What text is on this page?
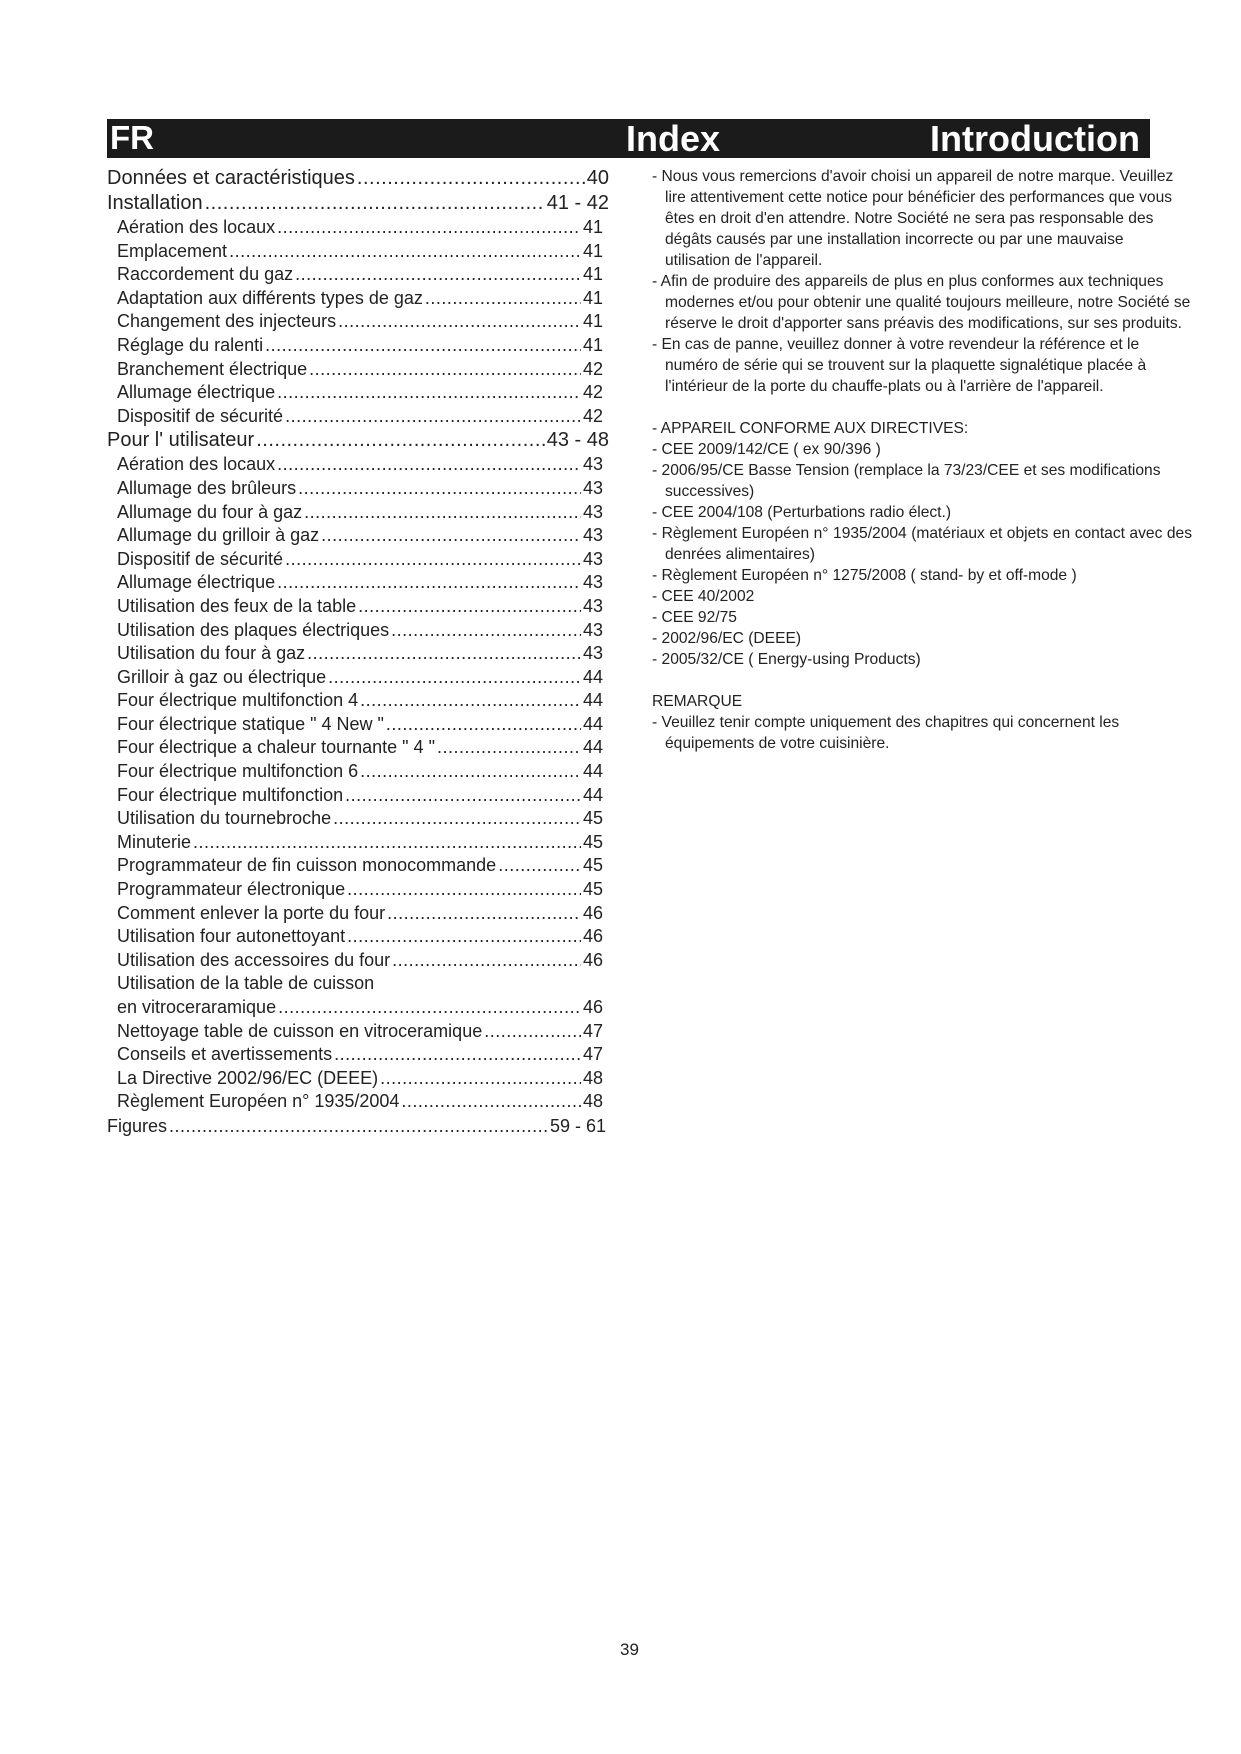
FR	Index	Introduction
Données et caractéristiques .....	40
Installation .....	41 - 42
Aération des locaux .....	41
Emplacement .....	41
Raccordement du gaz .....	41
Adaptation aux différents types de gaz .....	41
Changement des injecteurs .....	41
Réglage du ralenti .....	41
Branchement électrique .....	42
Allumage électrique .....	42
Dispositif de sécurité .....	42
Pour l' utilisateur .....	43 - 48
Aération des locaux .....	43
Allumage des brûleurs .....	43
Allumage du four à gaz .....	43
Allumage du grilloir à gaz .....	43
Dispositif de sécurité .....	43
Allumage électrique .....	43
Utilisation des feux de la table .....	43
Utilisation des plaques électriques .....	43
Utilisation du four à gaz .....	43
Grilloir à gaz ou électrique .....	44
Four électrique multifonction 4 .....	44
Four électrique statique " 4 New " .....	44
Four électrique a chaleur tournante " 4 " .....	44
Four électrique multifonction 6 .....	44
Four électrique multifonction .....	44
Utilisation du tournebroche .....	45
Minuterie .....	45
Programmateur de fin cuisson monocommande .....	45
Programmateur électronique .....	45
Comment enlever la porte du four .....	46
Utilisation four autonettoyant .....	46
Utilisation des accessoires du four .....	46
Utilisation de la table de cuisson
en vitroceraramique .....	46
Nettoyage table de cuisson en vitroceramique .....	47
Conseils et avertissements .....	47
La Directive 2002/96/EC (DEEE) .....	48
Règlement Européen n° 1935/2004 .....	48
Figures .....	59 - 61
- Nous vous remercions d'avoir choisi un appareil de notre marque. Veuillez lire attentivement cette notice pour bénéficier des performances que vous êtes en droit d'en attendre. Notre Société ne sera pas responsable des dégâts causés par une installation incorrecte ou par une mauvaise utilisation de l'appareil.
- Afin de produire des appareils de plus en plus conformes aux techniques modernes et/ou pour obtenir une qualité toujours meilleure, notre Société se réserve le droit d'apporter sans préavis des modifications, sur ses produits.
- En cas de panne, veuillez donner à votre revendeur la référence et le numéro de série qui se trouvent sur la plaquette signalétique placée à l'intérieur de la porte du chauffe-plats ou à l'arrière de l'appareil.
- APPAREIL CONFORME AUX DIRECTIVES:
- CEE 2009/142/CE ( ex 90/396 )
- 2006/95/CE Basse Tension (remplace la 73/23/CEE et ses modifications successives)
- CEE 2004/108 (Perturbations radio élect.)
- Règlement Européen n° 1935/2004 (matériaux et objets en contact avec des denrées alimentaires)
- Règlement Européen n° 1275/2008 ( stand- by et off-mode )
- CEE 40/2002
- CEE 92/75
- 2002/96/EC (DEEE)
- 2005/32/CE ( Energy-using Products)
REMARQUE
- Veuillez tenir compte uniquement des chapitres qui concernent les équipements de votre cuisinière.
39
